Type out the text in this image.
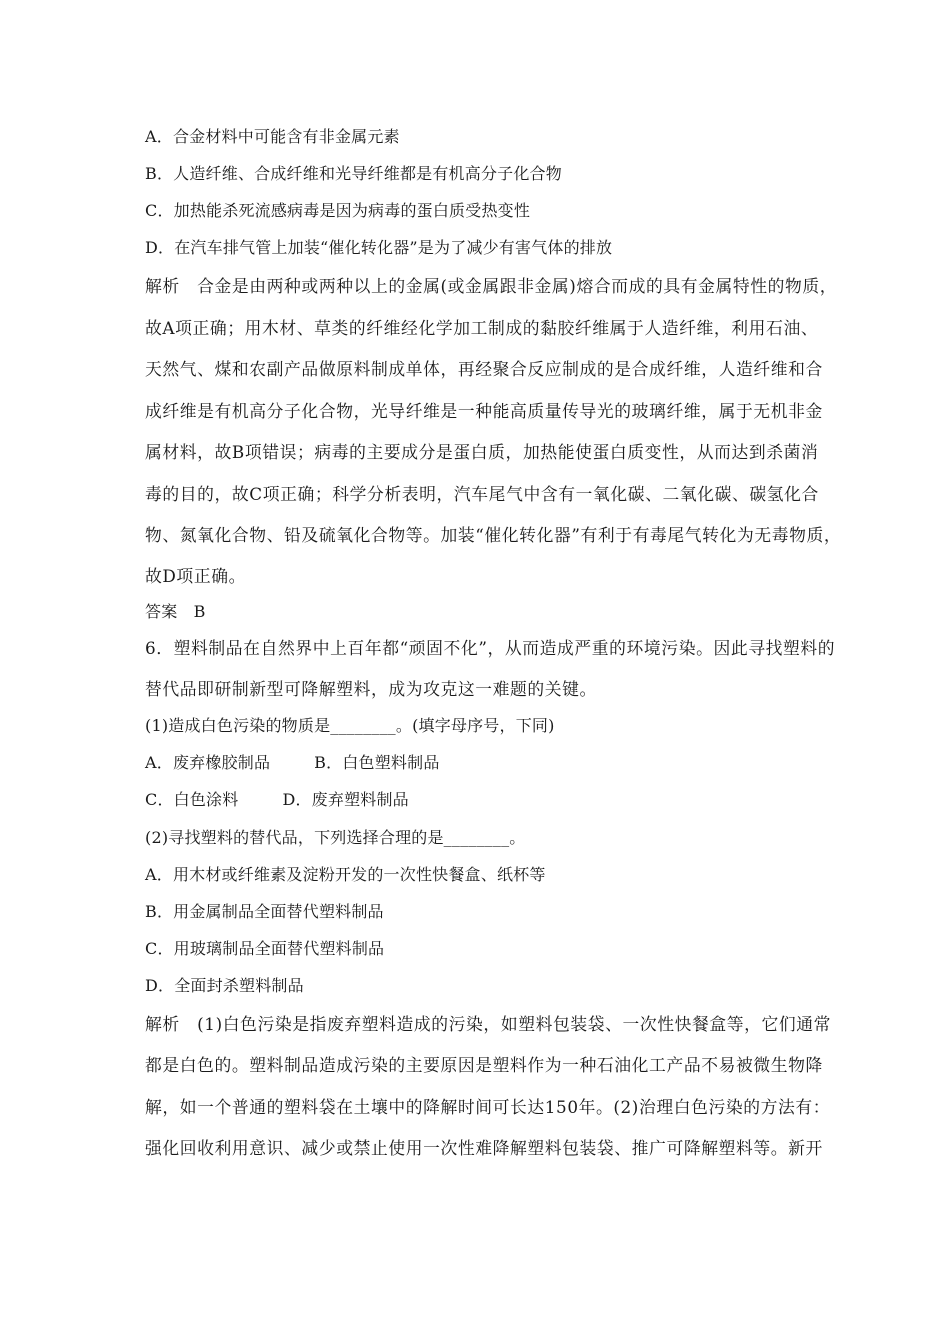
A．合金材料中可能含有非金属元素
B．人造纤维、合成纤维和光导纤维都是有机高分子化合物
C．加热能杀死流感病毒是因为病毒的蛋白质受热变性
D．在汽车排气管上加装“催化转化器”是为了减少有害气体的排放
解析　合金是由两种或两种以上的金属(或金属跟非金属)熔合而成的具有金属特性的物质，
故A项正确；用木材、草类的纤维经化学加工制成的黏胶纤维属于人造纤维，利用石油、
天然气、煤和农副产品做原料制成单体，再经聚合反应制成的是合成纤维，人造纤维和合
成纤维是有机高分子化合物，光导纤维是一种能高质量传导光的玻璃纤维，属于无机非金
属材料，故B项错误；病毒的主要成分是蛋白质，加热能使蛋白质变性，从而达到杀菌消
毒的目的，故C项正确；科学分析表明，汽车尾气中含有一氧化碳、二氧化碳、碳氢化合
物、氮氧化合物、铅及硫氧化合物等。加装“催化转化器”有利于有毒尾气转化为无毒物质，
故D项正确。
答案　B
6．塑料制品在自然界中上百年都“顽固不化”，从而造成严重的环境污染。因此寻找塑料的
替代品即研制新型可降解塑料，成为攻克这一难题的关键。
(1)造成白色污染的物质是________。(填字母序号，下同)
A．废弃橡胶制品	B．白色塑料制品
C．白色涂料	D．废弃塑料制品
(2)寻找塑料的替代品，下列选择合理的是________。
A．用木材或纤维素及淀粉开发的一次性快餐盒、纸杯等
B．用金属制品全面替代塑料制品
C．用玻璃制品全面替代塑料制品
D．全面封杀塑料制品
解析　(1)白色污染是指废弃塑料造成的污染，如塑料包装袋、一次性快餐盒等，它们通常
都是白色的。塑料制品造成污染的主要原因是塑料作为一种石油化工产品不易被微生物降
解，如一个普通的塑料袋在土壤中的降解时间可长达150年。(2)治理白色污染的方法有：
强化回收利用意识、减少或禁止使用一次性难降解塑料包装袋、推广可降解塑料等。新开
